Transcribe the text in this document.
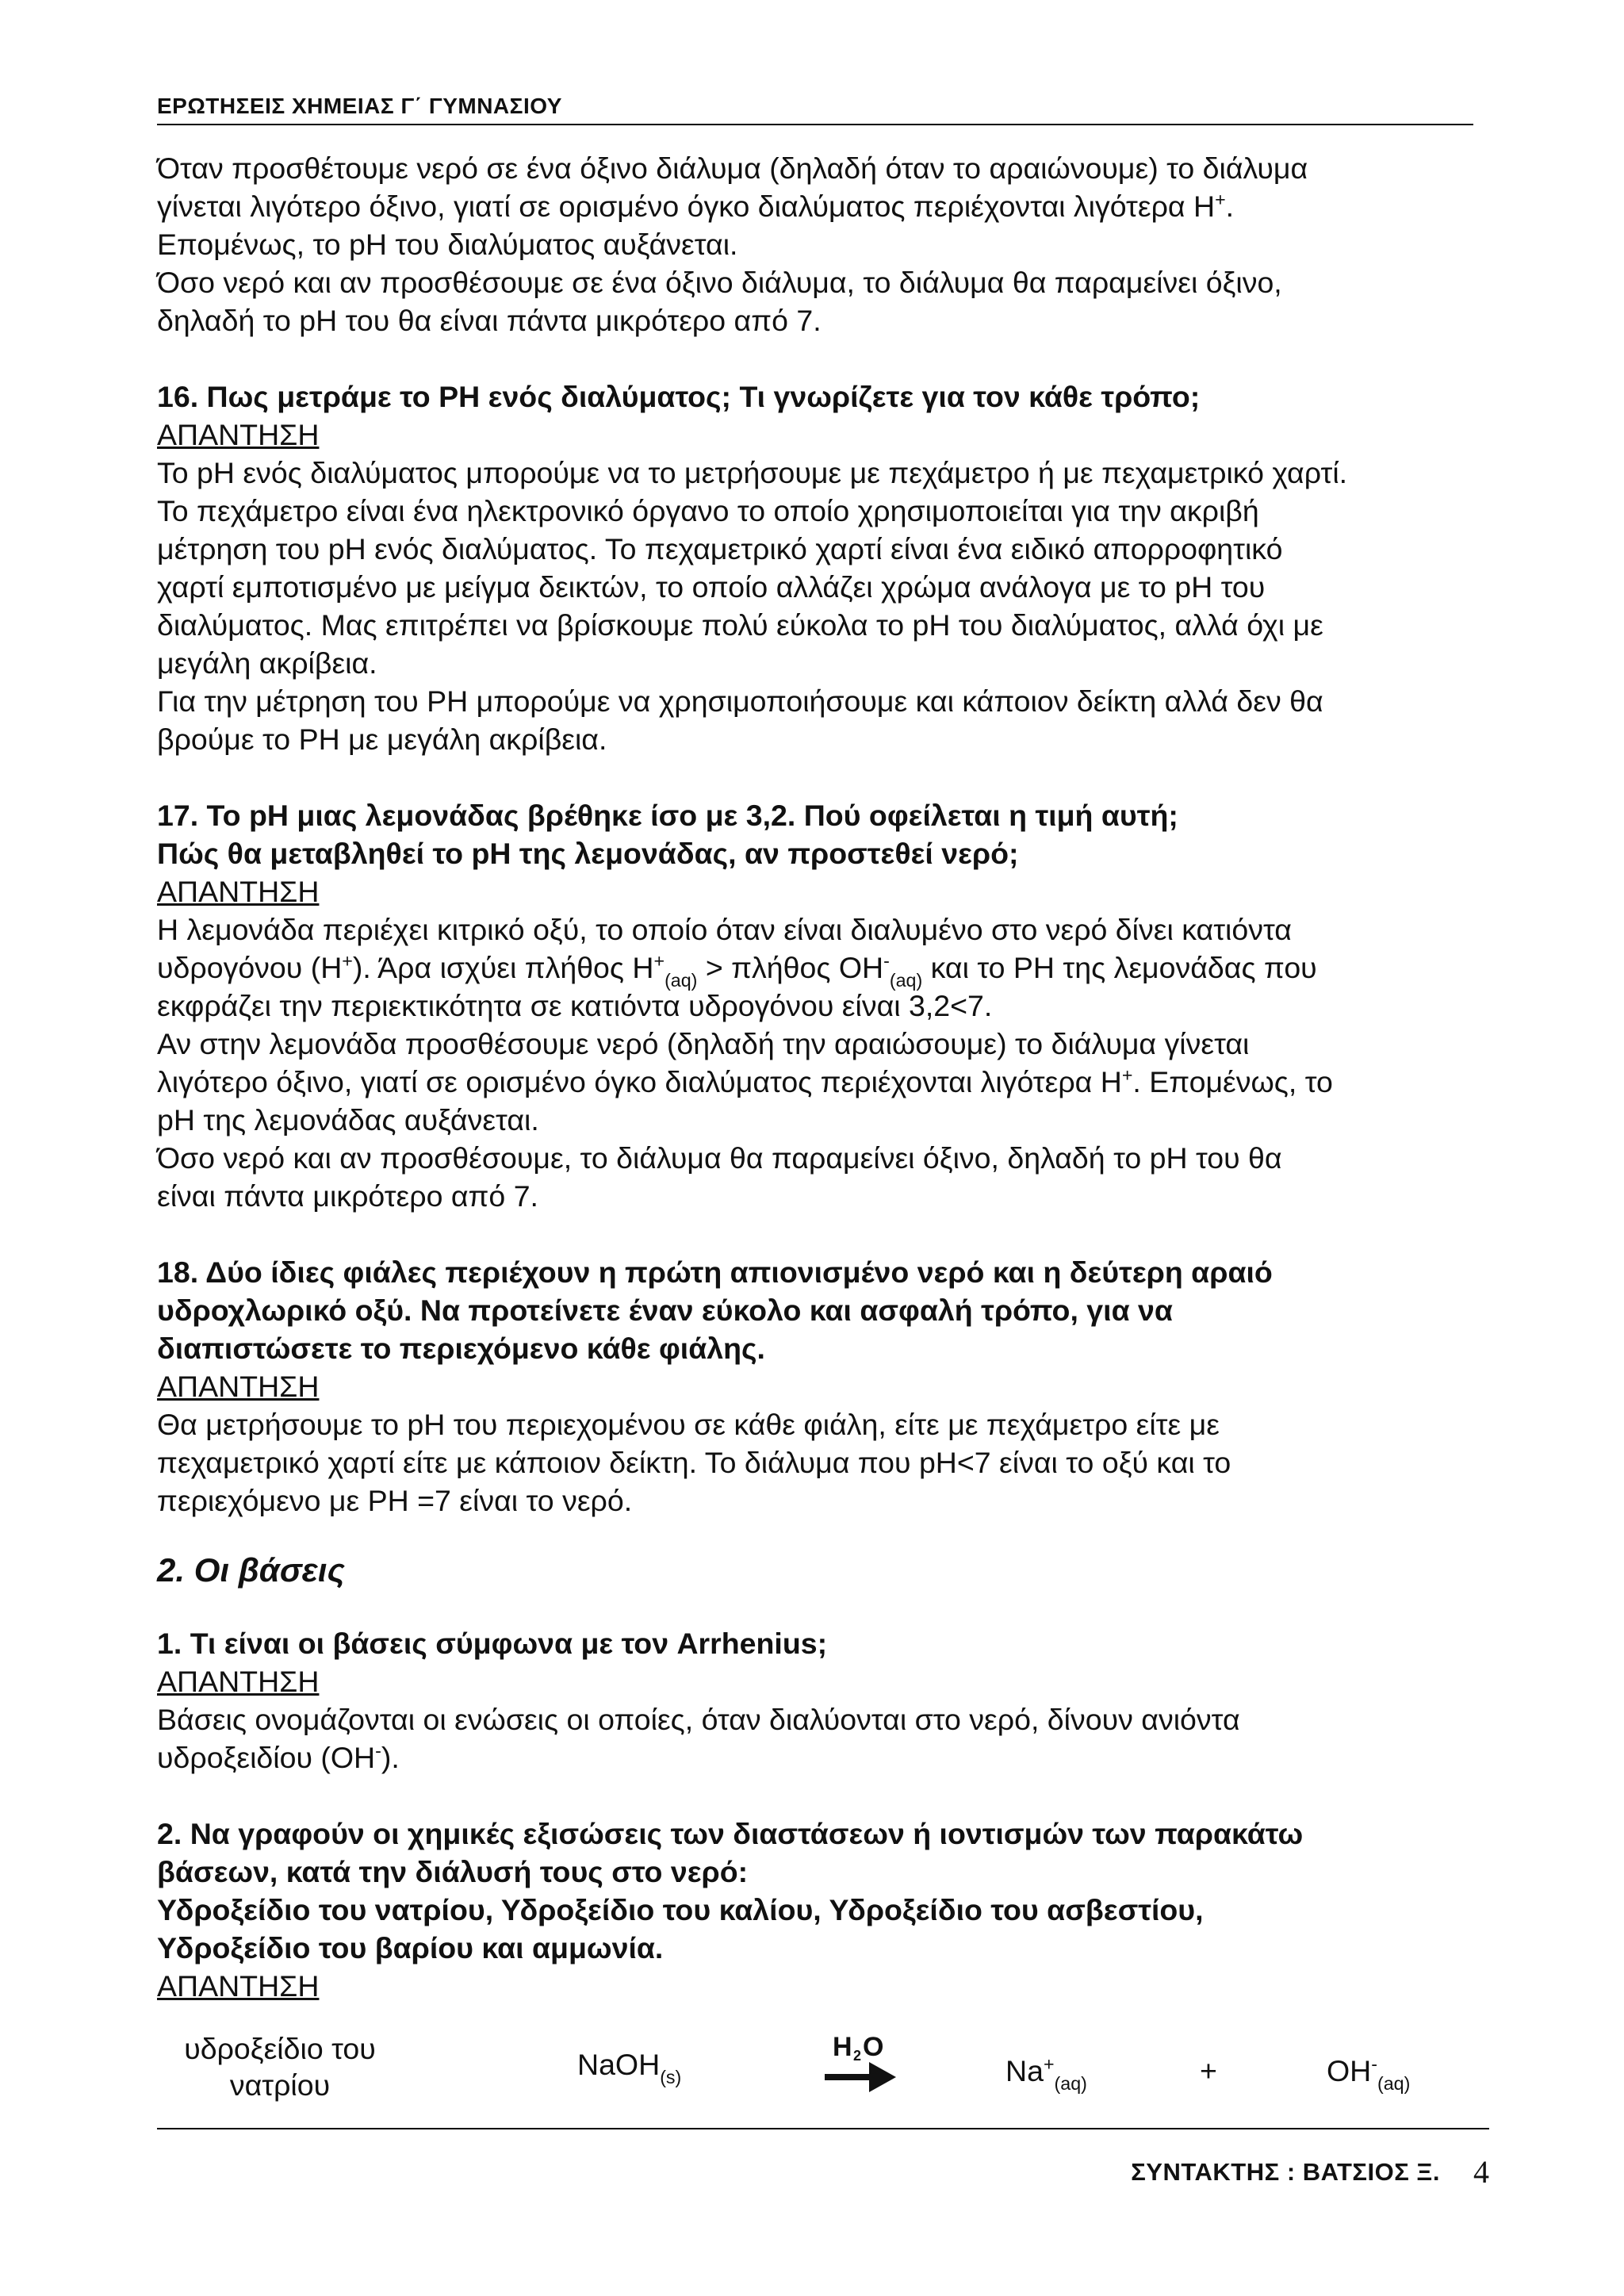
ΕΡΩΤΗΣΕΙΣ ΧΗΜΕΙΑΣ Γ΄ ΓΥΜΝΑΣΙΟΥ

Όταν προσθέτουμε νερό σε ένα όξινο διάλυμα (δηλαδή όταν το αραιώνουμε) το διάλυμα

γίνεται λιγότερο όξινο, γιατί σε ορισμένο όγκο διαλύματος περιέχονται λιγότερα H+.

Επομένως, το pH του διαλύματος αυξάνεται.

Όσο νερό και αν προσθέσουμε σε ένα όξινο διάλυμα, το διάλυμα θα παραμείνει όξινο,

δηλαδή το pH του θα είναι πάντα μικρότερο από 7.

16. Πως μετράμε το PH ενός διαλύματος; Τι γνωρίζετε για τον κάθε τρόπο;

ΑΠΑΝΤΗΣΗ

Το pH ενός διαλύματος μπορούμε να το μετρήσουμε με πεχάμετρο ή με πεχαμετρικό χαρτί.

Το πεχάμετρο είναι ένα ηλεκτρονικό όργανο το οποίο χρησιμοποιείται για την ακριβή

μέτρηση του pH ενός διαλύματος. Το πεχαμετρικό χαρτί είναι ένα ειδικό απορροφητικό

χαρτί εμποτισμένο με μείγμα δεικτών, το οποίο αλλάζει χρώμα ανάλογα με το pH του

διαλύματος. Μας επιτρέπει να βρίσκουμε πολύ εύκολα το pH του διαλύματος, αλλά όχι με

μεγάλη ακρίβεια.

Για την μέτρηση του PH μπορούμε να χρησιμοποιήσουμε και κάποιον δείκτη αλλά δεν θα

βρούμε το PH με μεγάλη ακρίβεια.

17. Το pH μιας λεμονάδας βρέθηκε ίσο με 3,2. Πού οφείλεται η τιμή αυτή;

Πώς θα μεταβληθεί το pH της λεμονάδας, αν προστεθεί νερό;

ΑΠΑΝΤΗΣΗ

Η λεμονάδα περιέχει κιτρικό οξύ, το οποίο όταν είναι διαλυμένο στο νερό δίνει κατιόντα

υδρογόνου (H+). Άρα ισχύει πλήθος $H^+_{(aq)} > \pi\lambda ή\theta o\varsigma$ $OH^-_{(aq)}$ και το PH της λεμονάδας που

εκφράζει την περιεκτικότητα σε κατιόντα υδρογόνου είναι 3,2<7.

Αν στην λεμονάδα προσθέσουμε νερό (δηλαδή την αραιώσουμε) το διάλυμα γίνεται

λιγότερο όξινο, γιατί σε ορισμένο όγκο διαλύματος περιέχονται λιγότερα H+. Επομένως, το

pH της λεμονάδας αυξάνεται.

Όσο νερό και αν προσθέσουμε, το διάλυμα θα παραμείνει όξινο, δηλαδή το pH του θα

είναι πάντα μικρότερο από 7.

18. Δύο ίδιες φιάλες περιέχουν η πρώτη απιονισμένο νερό και η δεύτερη αραιό

υδροχλωρικό οξύ. Να προτείνετε έναν εύκολο και ασφαλή τρόπο, για να

διαπιστώσετε το περιεχόμενο κάθε φιάλης.

ΑΠΑΝΤΗΣΗ

Θα μετρήσουμε το pH του περιεχομένου σε κάθε φιάλη, είτε με πεχάμετρο είτε με

πεχαμετρικό χαρτί είτε με κάποιον δείκτη. Το διάλυμα που pH<7 είναι το οξύ και το

περιεχόμενο με PH =7 είναι το νερό.

2. Οι βάσεις

1. Τι είναι οι βάσεις σύμφωνα με τον Arrhenius;

ΑΠΑΝΤΗΣΗ

Βάσεις ονομάζονται οι ενώσεις οι οποίες, όταν διαλύονται στο νερό, δίνουν ανιόντα

υδροξειδίου (OH-).

2. Να γραφούν οι χημικές εξισώσεις των διαστάσεων ή ιοντισμών των παρακάτω

βάσεων, κατά την διάλυσή τους στο νερό:

Υδροξείδιο του νατρίου, Υδροξείδιο του καλίου, Υδροξείδιο του ασβεστίου,

Υδροξείδιο του βαρίου και αμμωνία.

ΑΠΑΝΤΗΣΗ

υδροξείδιο του
νατρίου
NaOH$_{(s)}$
H 2 O
$Na^+_{(aq)}$	+	$OH^-_{(aq)}$
ΣΥΝΤΑΚΤΗΣ : ΒΑΤΣΙΟΣ Ξ. 4
